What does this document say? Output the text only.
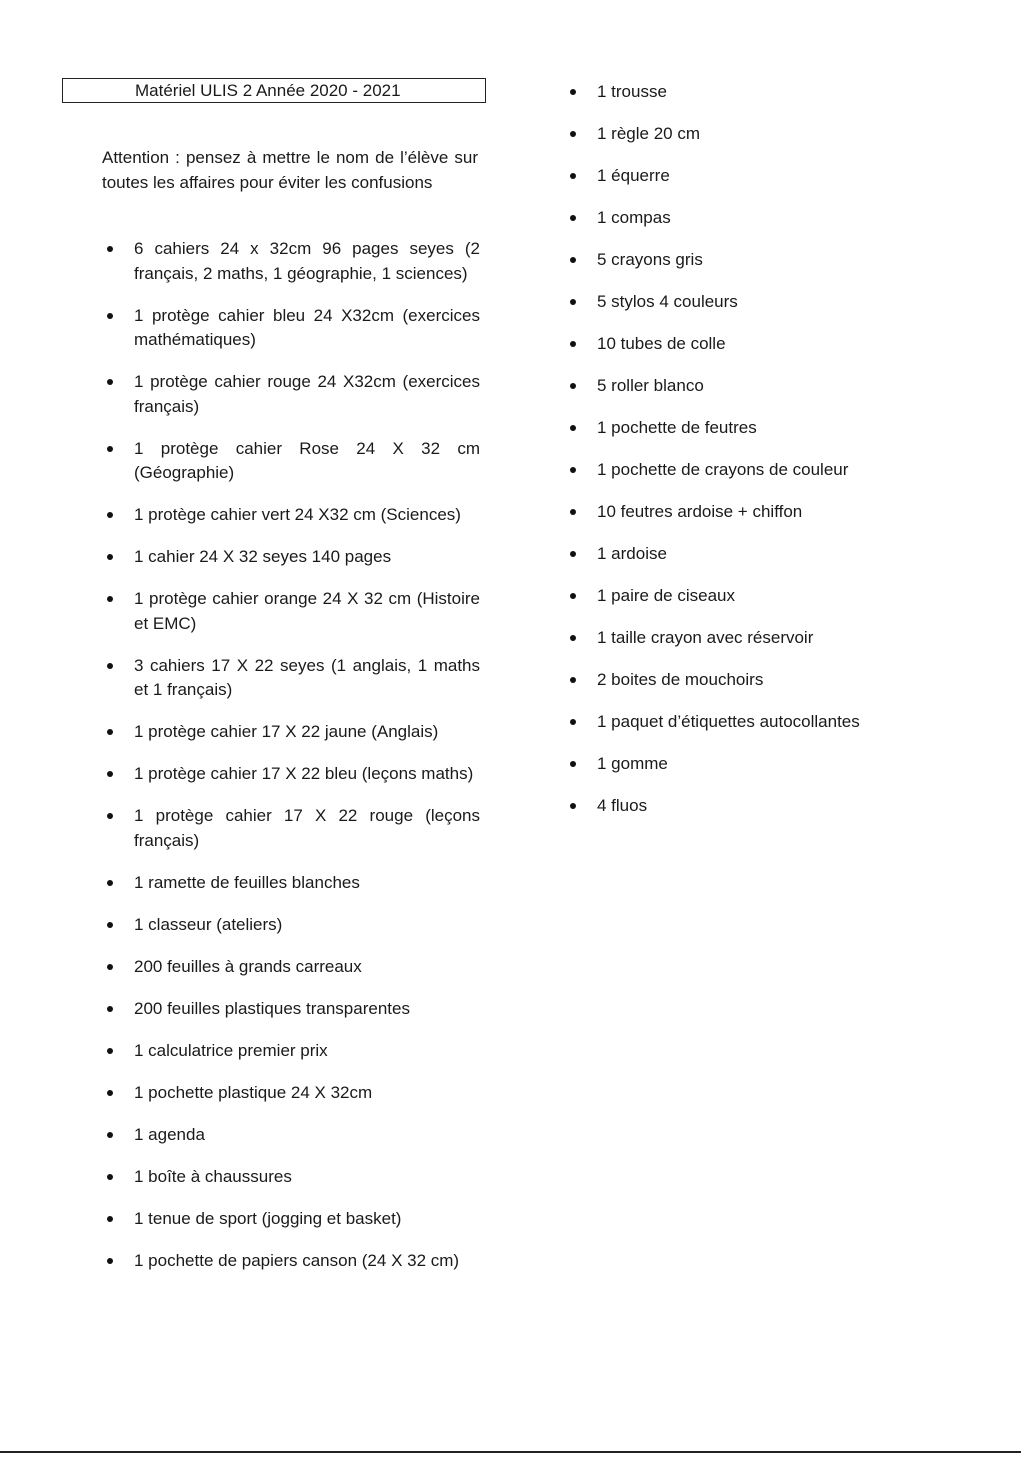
Matériel ULIS 2 Année 2020 - 2021
Attention : pensez à mettre le nom de l’élève sur toutes les affaires pour éviter les confusions
6 cahiers 24 x 32cm 96 pages seyes (2 français, 2 maths, 1 géographie, 1 sciences)
1 protège cahier bleu 24 X32cm (exercices mathématiques)
1 protège cahier rouge 24 X32cm (exercices français)
1 protège cahier Rose 24 X 32 cm (Géographie)
1 protège cahier vert 24 X32 cm (Sciences)
1 cahier 24 X 32 seyes 140 pages
1 protège cahier orange 24 X 32 cm (Histoire et EMC)
3 cahiers 17 X 22 seyes (1 anglais, 1 maths et 1 français)
1 protège cahier 17 X 22 jaune (Anglais)
1 protège cahier 17 X 22 bleu (leçons maths)
1 protège cahier 17 X 22 rouge (leçons français)
1 ramette de feuilles blanches
1 classeur (ateliers)
200 feuilles à grands carreaux
200 feuilles plastiques transparentes
1 calculatrice premier prix
1 pochette plastique 24 X 32cm
1 agenda
1 boîte à chaussures
1 tenue de sport (jogging et basket)
1 pochette de papiers canson (24 X 32 cm)
1 trousse
1 règle 20 cm
1 équerre
1 compas
5 crayons gris
5 stylos 4 couleurs
10 tubes de colle
5 roller blanco
1 pochette de feutres
1 pochette de crayons de couleur
10 feutres ardoise + chiffon
1 ardoise
1 paire de ciseaux
1 taille crayon avec réservoir
2 boites de mouchoirs
1 paquet d’étiquettes autocollantes
1 gomme
4 fluos
